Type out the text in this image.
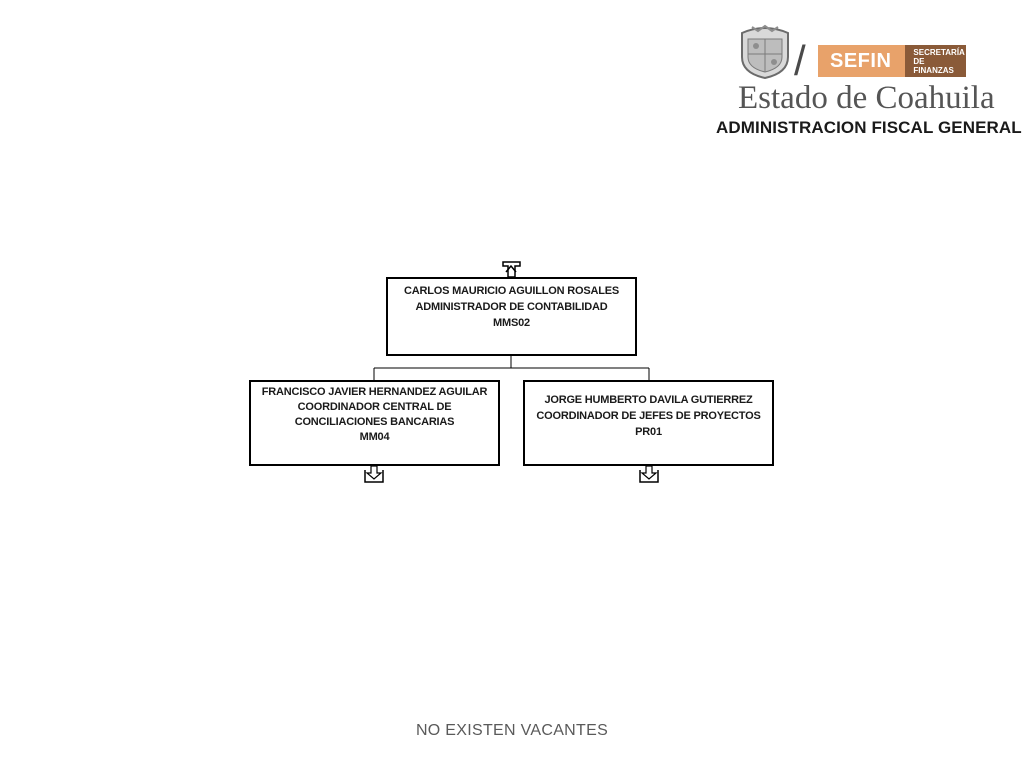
/	SEFIN	SECRETARÍA
DE FINANZAS
Estado de Coahuila
ADMINISTRACION FISCAL GENERAL
CARLOS MAURICIO AGUILLON ROSALES
ADMINISTRADOR DE CONTABILIDAD
MMS02
FRANCISCO JAVIER HERNANDEZ AGUILAR
COORDINADOR CENTRAL DE CONCILIACIONES BANCARIAS
MM04
JORGE HUMBERTO DAVILA GUTIERREZ
COORDINADOR DE JEFES DE PROYECTOS
PR01
NO EXISTEN VACANTES
